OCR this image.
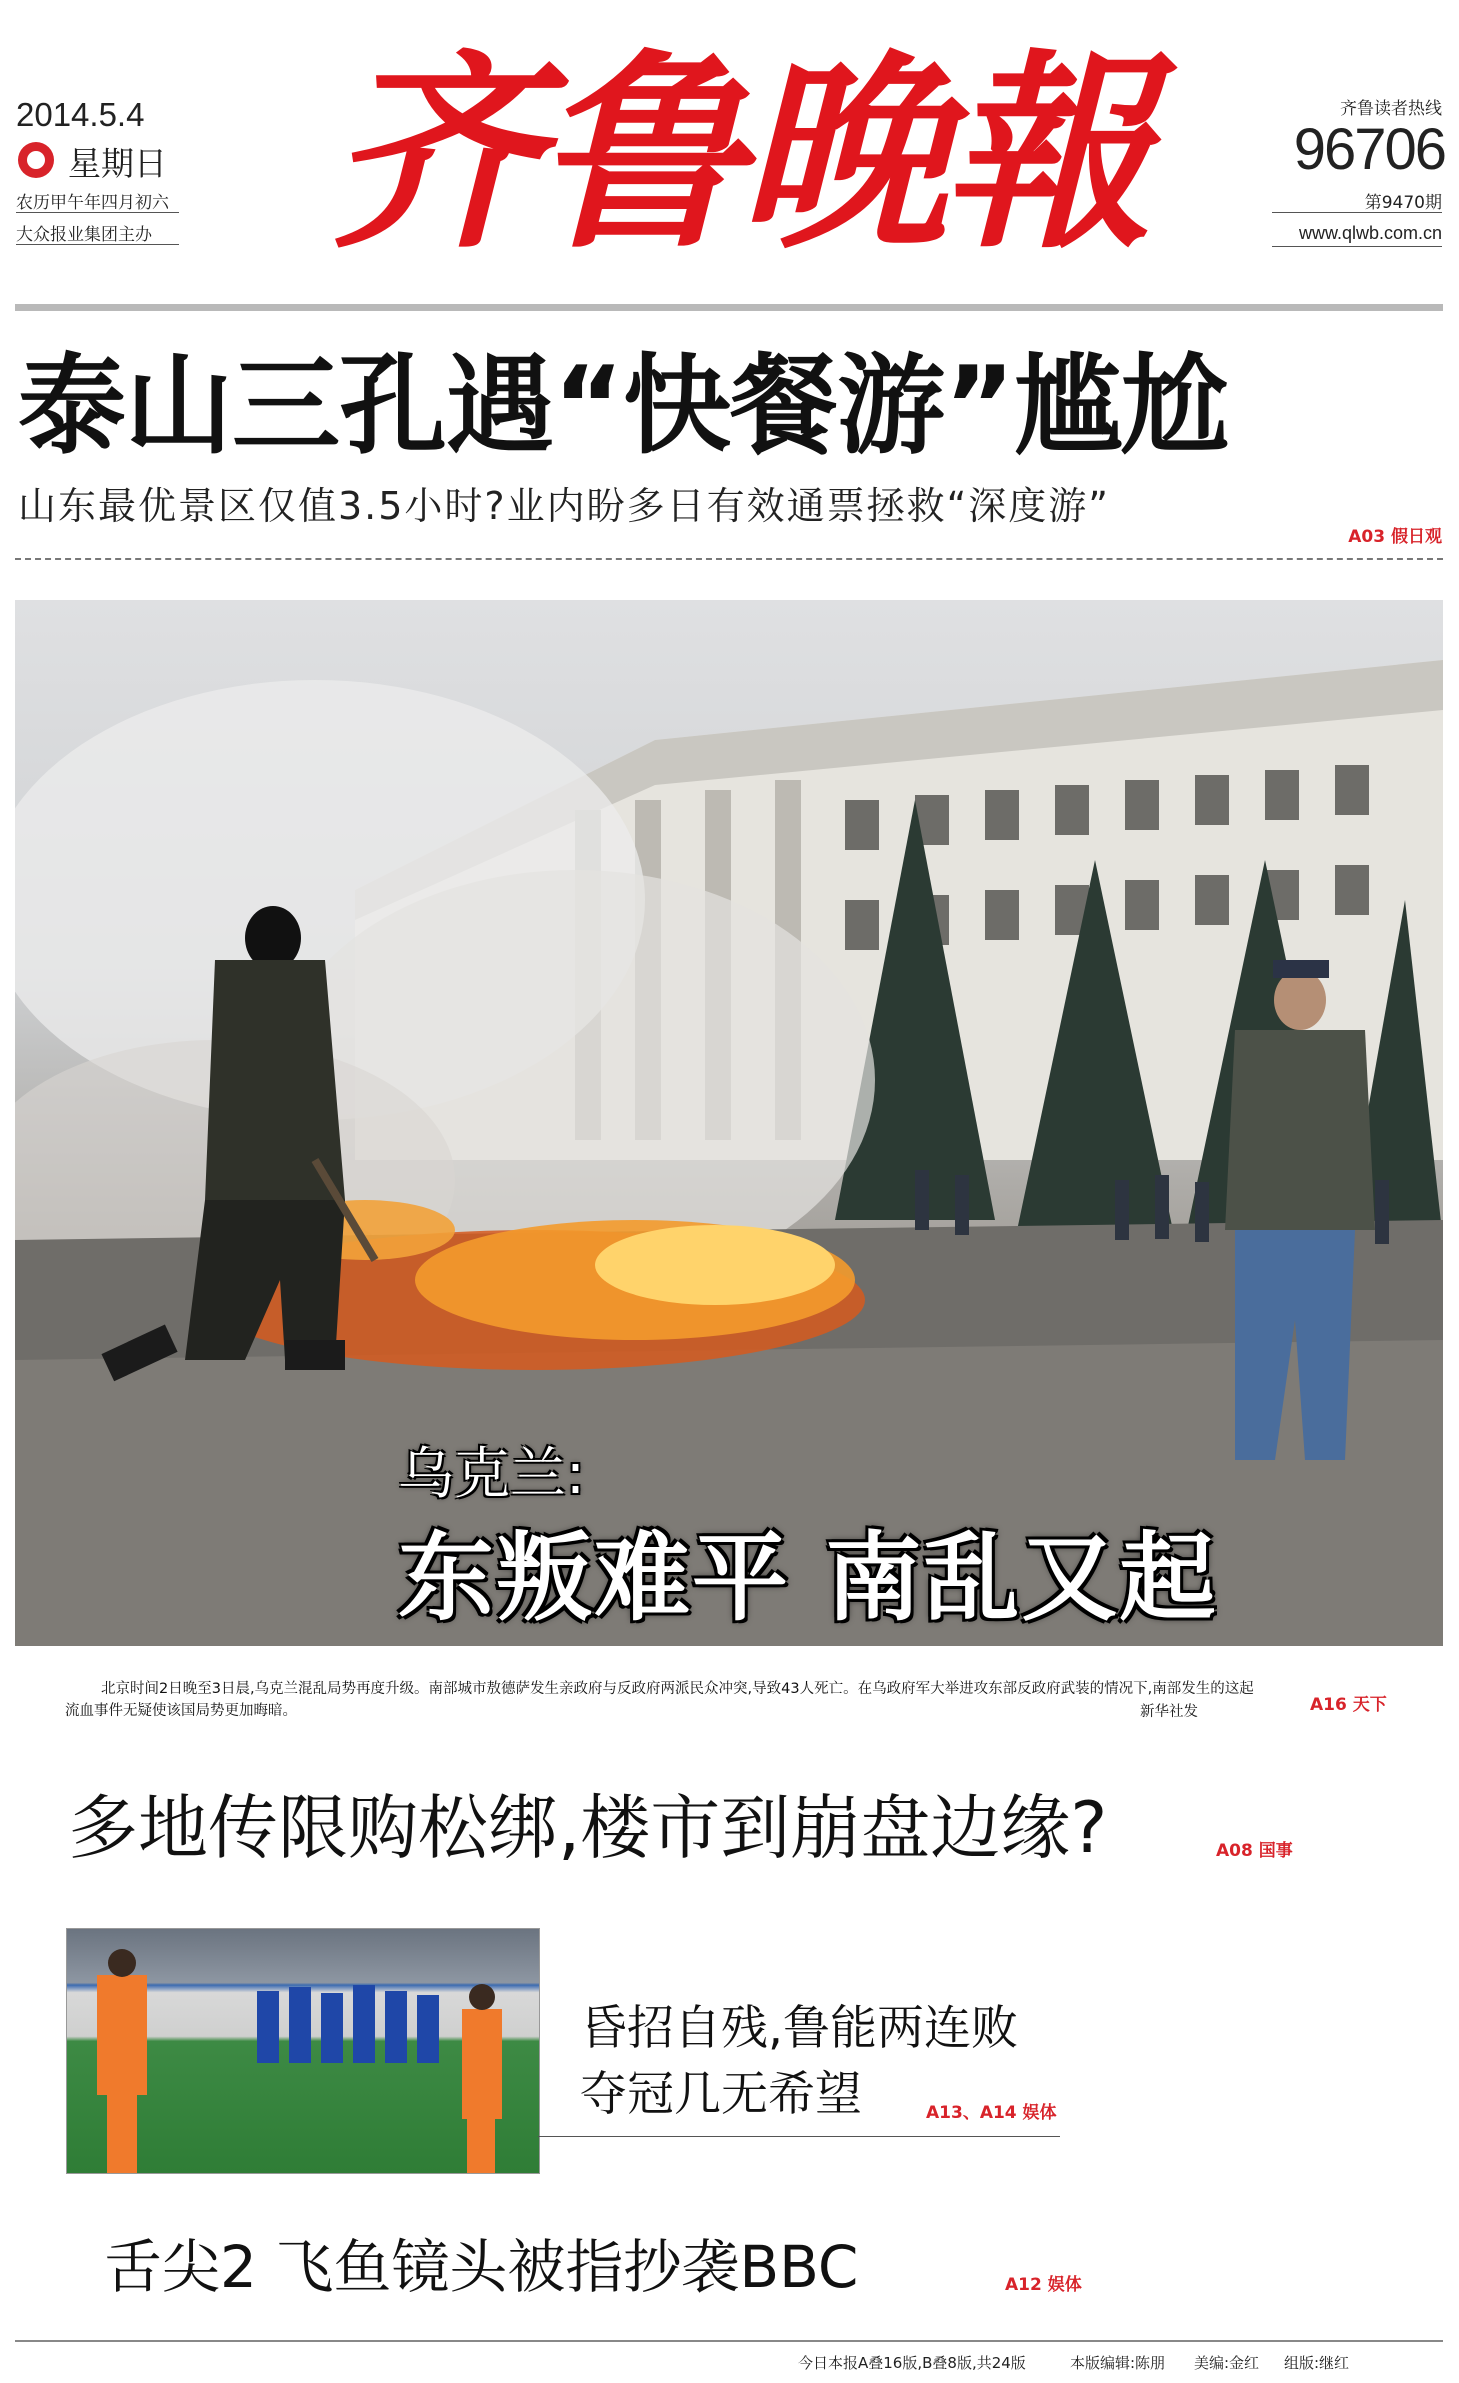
2014.5.4
星期日
农历甲午年四月初六
大众报业集团主办 齐鲁晚報	齐鲁读者热线
96706
第9470期
www.qlwb.com.cn
泰山三孔遇“快餐游”尴尬
山东最优景区仅值3.5小时?业内盼多日有效通票拯救“深度游”
A03 假日观
乌克兰:
东叛难平 南乱又起
北京时间2日晚至3日晨,乌克兰混乱局势再度升级。南部城市敖德萨发生亲政府与反政府两派民众冲突,导致43人死亡。在乌政府军大举进攻东部反政府武装的情况下,南部发生的这起流血事件无疑使该国局势更加晦暗。	新华社发	A16 天下
多地传限购松绑,楼市到崩盘边缘?	A08 国事
昏招自残,鲁能两连败
夺冠几无希望	A13、A14 娱体
舌尖2 飞鱼镜头被指抄袭BBC	A12 娱体
今日本报A叠16版,B叠8版,共24版	本版编辑:陈朋 美编:金红 组版:继红
